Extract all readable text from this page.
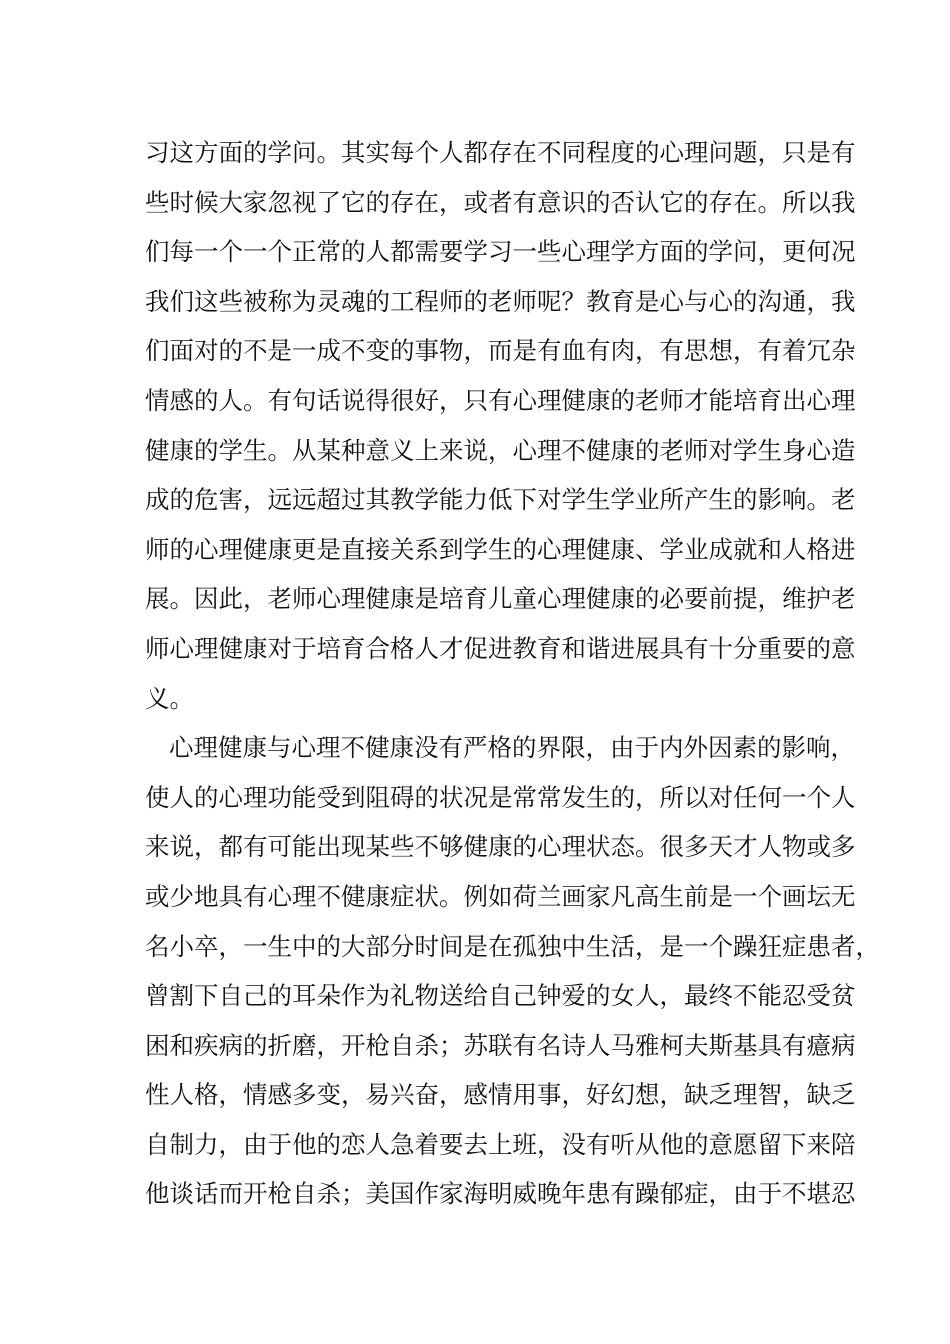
习这方面的学问。其实每个人都存在不同程度的心理问题，只是有
些时候大家忽视了它的存在，或者有意识的否认它的存在。所以我
们每一个一个正常的人都需要学习一些心理学方面的学问，更何况
我们这些被称为灵魂的工程师的老师呢？教育是心与心的沟通，我
们面对的不是一成不变的事物，而是有血有肉，有思想，有着冗杂
情感的人。有句话说得很好，只有心理健康的老师才能培育出心理
健康的学生。从某种意义上来说，心理不健康的老师对学生身心造
成的危害，远远超过其教学能力低下对学生学业所产生的影响。老
师的心理健康更是直接关系到学生的心理健康、学业成就和人格进
展。因此，老师心理健康是培育儿童心理健康的必要前提，维护老
师心理健康对于培育合格人才促进教育和谐进展具有十分重要的意
义。
心理健康与心理不健康没有严格的界限，由于内外因素的影响，
使人的心理功能受到阻碍的状况是常常发生的，所以对任何一个人
来说，都有可能出现某些不够健康的心理状态。很多天才人物或多
或少地具有心理不健康症状。例如荷兰画家凡高生前是一个画坛无
名小卒，一生中的大部分时间是在孤独中生活，是一个躁狂症患者，
曾割下自己的耳朵作为礼物送给自己钟爱的女人，最终不能忍受贫
困和疾病的折磨，开枪自杀；苏联有名诗人马雅柯夫斯基具有癔病
性人格，情感多变，易兴奋，感情用事，好幻想，缺乏理智，缺乏
自制力，由于他的恋人急着要去上班，没有听从他的意愿留下来陪
他谈话而开枪自杀；美国作家海明威晚年患有躁郁症，由于不堪忍
